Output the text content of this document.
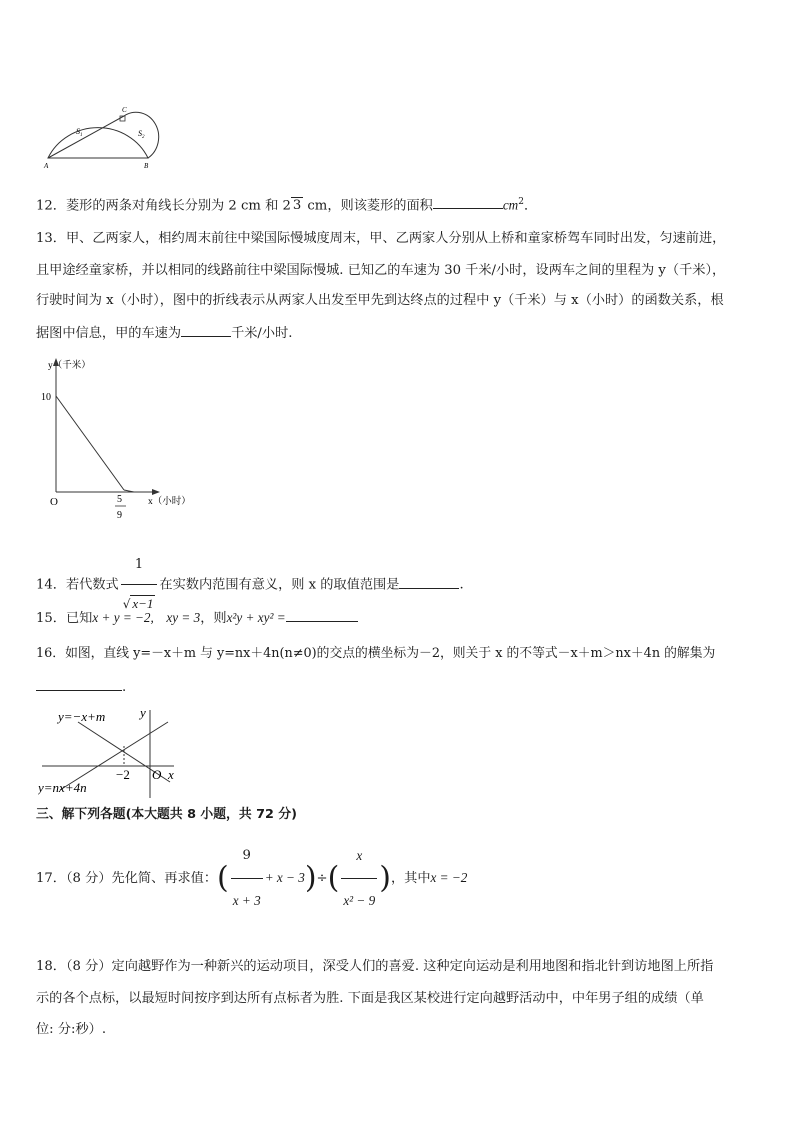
$S_1$	$S_2$
A	B
C
12．菱形的两条对角线长分别为 2 cm 和 2 3 cm，则该菱形的面积	$cm^2$．
13．甲、乙两家人，相约周末前往中梁国际慢城度周末，甲、乙两家人分别从上桥和童家桥驾车同时出发，匀速前进，
且甲途经童家桥，并以相同的线路前往中梁国际慢城. 已知乙的车速为 30 千米/小时，设两车之间的里程为 y（千米），
行驶时间为 x（小时），图中的折线表示从两家人出发至甲先到达终点的过程中 y（千米）与 x（小时）的函数关系，根
据图中信息，甲的车速为	千米/小时.
y（千米）
10
O	5
9
x（小时）
14．若代数式 $\frac{1}{√ x-1}$ 在实数内范围有意义，则 x 的取值范围是	.
15．已知x + y = −2, xy = 3，则x²y + xy² =
16．如图，直线 y=－x＋m 与 y=nx＋4n(n≠0)的交点的横坐标为－2，则关于 x 的不等式－x＋m＞nx＋4n 的解集为
.
y=−x+m
y=nx+4n
y
x
O
−2
三、解下列各题(本大题共 8 小题，共 72 分)
17．（8 分）先化简、再求值：( $\frac{9}{x + 3} + x - 3)\div( \frac{x}{\text{x² − 9}}$ )，其中x = −2
18．（8 分）定向越野作为一种新兴的运动项目，深受人们的喜爱. 这种定向运动是利用地图和指北针到访地图上所指
示的各个点标，以最短时间按序到达所有点标者为胜. 下面是我区某校进行定向越野活动中，中年男子组的成绩（单
位: 分:秒）.
